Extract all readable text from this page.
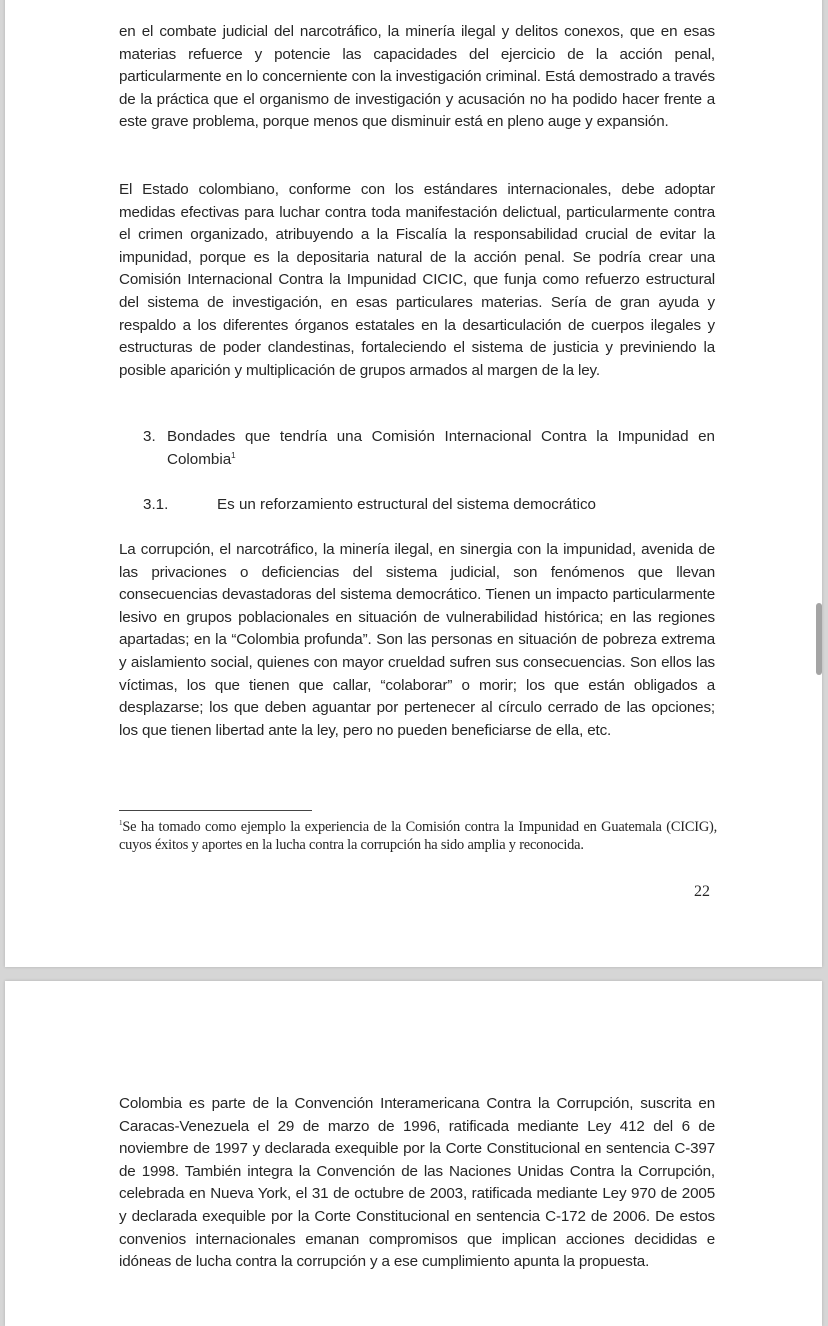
en el combate judicial del narcotráfico, la minería ilegal y delitos conexos, que en esas materias refuerce y potencie las capacidades del ejercicio de la acción penal, particularmente en lo concerniente con la investigación criminal. Está demostrado a través de la práctica que el organismo de investigación y acusación no ha podido hacer frente a este grave problema, porque menos que disminuir está en pleno auge y expansión.

El Estado colombiano, conforme con los estándares internacionales, debe adoptar medidas efectivas para luchar contra toda manifestación delictual, particularmente contra el crimen organizado, atribuyendo a la Fiscalía la responsabilidad crucial de evitar la impunidad, porque es la depositaria natural de la acción penal. Se podría crear una Comisión Internacional Contra la Impunidad CICIC, que funja como refuerzo estructural del sistema de investigación, en esas particulares materias. Sería de gran ayuda y respaldo a los diferentes órganos estatales en la desarticulación de cuerpos ilegales y estructuras de poder clandestinas, fortaleciendo el sistema de justicia y previniendo la posible aparición y multiplicación de grupos armados al margen de la ley.

3. Bondades que tendría una Comisión Internacional Contra la Impunidad en Colombia$^1$
3.1.	Es un reforzamiento estructural del sistema democrático

La corrupción, el narcotráfico, la minería ilegal, en sinergia con la impunidad, avenida de las privaciones o deficiencias del sistema judicial, son fenómenos que llevan consecuencias devastadoras del sistema democrático. Tienen un impacto particularmente lesivo en grupos poblacionales en situación de vulnerabilidad histórica; en las regiones apartadas; en la “Colombia profunda”. Son las personas en situación de pobreza extrema y aislamiento social, quienes con mayor crueldad sufren sus consecuencias. Son ellos las víctimas, los que tienen que callar, “colaborar” o morir; los que están obligados a desplazarse; los que deben aguantar por pertenecer al círculo cerrado de las opciones; los que tienen libertad ante la ley, pero no pueden beneficiarse de ella, etc.

$^1$Se ha tomado como ejemplo la experiencia de la Comisión contra la Impunidad en Guatemala (CICIG), cuyos éxitos y aportes en la lucha contra la corrupción ha sido amplia y reconocida.
22

Colombia es parte de la Convención Interamericana Contra la Corrupción, suscrita en Caracas-Venezuela el 29 de marzo de 1996, ratificada mediante Ley 412 del 6 de noviembre de 1997 y declarada exequible por la Corte Constitucional en sentencia C-397 de 1998. También integra la Convención de las Naciones Unidas Contra la Corrupción, celebrada en Nueva York, el 31 de octubre de 2003, ratificada mediante Ley 970 de 2005 y declarada exequible por la Corte Constitucional en sentencia C-172 de 2006. De estos convenios internacionales emanan compromisos que implican acciones decididas e idóneas de lucha contra la corrupción y a ese cumplimiento apunta la propuesta.
